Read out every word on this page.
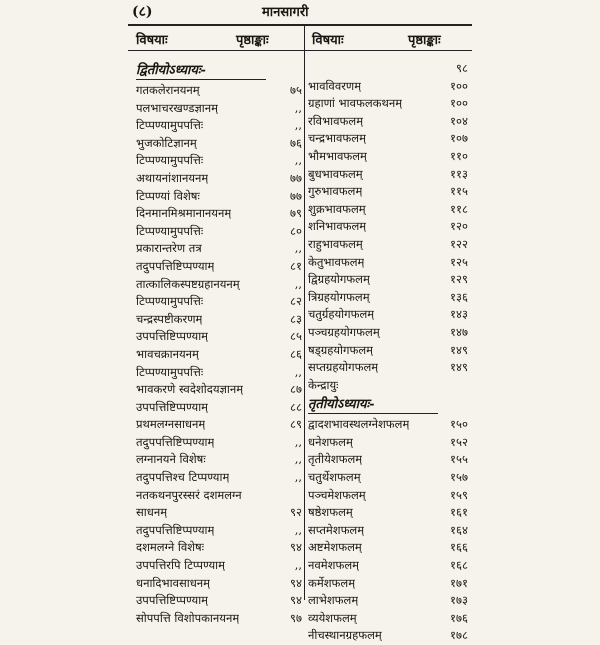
(८)	मानसागरी
विषयाः	पृष्ठाङ्काः	विषयाः	पृष्ठाङ्काः
द्वितीयोऽध्यायः-
गतकलेरानयनम्	७५
पलभाचरखण्डज्ञानम्	,,
टिप्पण्यामुपपत्तिः	,,
भुजकोटिज्ञानम्	७६
टिप्पण्यामुपपत्तिः	,,
अथायनांशानयनम्	७७
टिप्पण्यां विशेषः	७७
दिनमानमिश्रमानानयनम्	७९
टिप्पण्यामुपपत्तिः	८०
प्रकारान्तरेण तत्र	,,
तदुपपत्तिष्टिप्पण्याम्	८१
तात्कालिकस्पष्टग्रहानयनम्	,,
टिप्पण्यामुपपत्तिः	८२
चन्द्रस्पष्टीकरणम्	८३
उपपत्तिष्टिप्पण्याम्	८५
भावचक्रानयनम्	८६
टिप्पण्यामुपपत्तिः	,,
भावकरणे स्वदेशोदयज्ञानम्	८७
उपपत्तिष्टिप्पण्याम्	८८
प्रथमलग्नसाधनम्	८९
तदुपपत्तिष्टिप्पण्याम्	,,
लग्नानयने विशेषः	,,
तदुपपत्तिश्च टिप्पण्याम्	,,
नतकथनपुरस्सरं दशमलग्न
साधनम्	९२
तदुपपत्तिष्टिप्पण्याम्	,,
दशमलग्ने विशेषः	९४
उपपत्तिरपि टिप्पण्याम्	,,
धनादिभावसाधनम्	९४
उपपत्तिष्टिप्पण्याम्	९४
सोपपत्ति विशोपकानयनम्	९७
९८
भावविवरणम्	१००
ग्रहाणां भावफलकथनम्	१००
रविभावफलम्	१०४
चन्द्रभावफलम्	१०७
भौमभावफलम्	११०
बुधभावफलम्	११३
गुरुभावफलम्	११५
शुक्रभावफलम्	११८
शनिभावफलम्	१२०
राहुभावफलम्	१२२
केतुभावफलम्	१२५
द्विग्रहयोगफलम्	१२९
त्रिग्रहयोगफलम्	१३६
चतुर्ग्रहयोगफलम्	१४३
पञ्चग्रहयोगफलम्	१४७
षड्ग्रहयोगफलम्	१४९
सप्तग्रहयोगफलम्	१४९
केन्द्रायुः
तृतीयोऽध्यायः-
द्वादशभावस्थलग्नेशफलम्	१५०
धनेशफलम्	१५२
तृतीयेशफलम्	१५५
चतुर्थेशफलम्	१५७
पञ्चमेशफलम्	१५९
षष्ठेशफलम्	१६१
सप्तमेशफलम्	१६४
अष्टमेशफलम्	१६६
नवमेशफलम्	१६८
कर्मेशफलम्	१७१
लाभेशफलम्	१७३
व्ययेशफलम्	१७६
नीचस्थानग्रहफलम्	१७८
